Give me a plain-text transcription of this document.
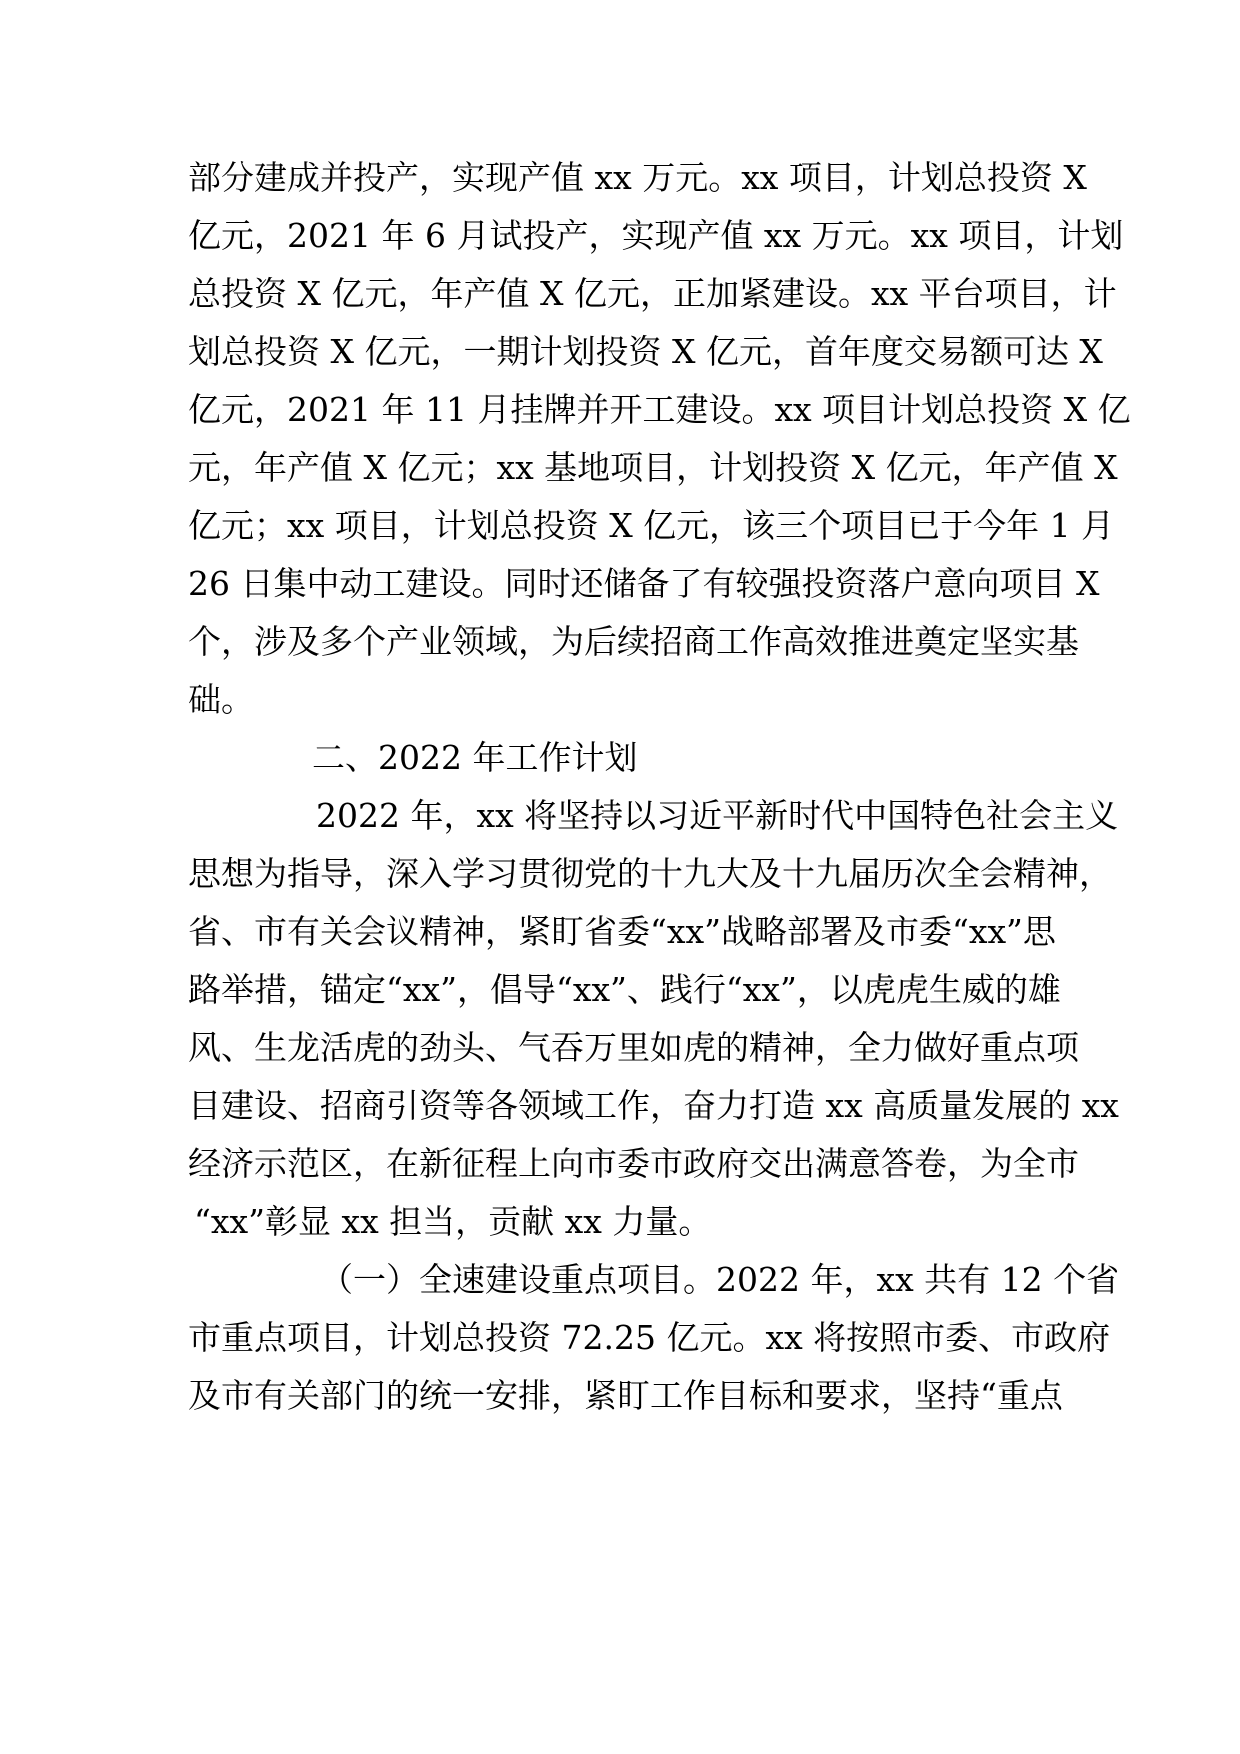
部分建成并投产，实现产值 xx 万元。xx 项目，计划总投资 X
亿元，2021 年 6 月试投产，实现产值 xx 万元。xx 项目，计划
总投资 X 亿元，年产值 X 亿元，正加紧建设。xx 平台项目，计
划总投资 X 亿元，一期计划投资 X 亿元，首年度交易额可达 X
亿元，2021 年 11 月挂牌并开工建设。xx 项目计划总投资 X 亿
元，年产值 X 亿元；xx 基地项目，计划投资 X 亿元，年产值 X
亿元；xx 项目，计划总投资 X 亿元，该三个项目已于今年 1 月
26 日集中动工建设。同时还储备了有较强投资落户意向项目 X
个，涉及多个产业领域，为后续招商工作高效推进奠定坚实基
础。
二、2022 年工作计划
2022 年，xx 将坚持以习近平新时代中国特色社会主义
思想为指导，深入学习贯彻党的十九大及十九届历次全会精神，
省、市有关会议精神，紧盯省委“xx”战略部署及市委“xx”思
路举措，锚定“xx”，倡导“xx”、践行“xx”，以虎虎生威的雄
风、生龙活虎的劲头、气吞万里如虎的精神，全力做好重点项
目建设、招商引资等各领域工作，奋力打造 xx 高质量发展的 xx
经济示范区，在新征程上向市委市政府交出满意答卷，为全市
“xx”彰显 xx 担当，贡献 xx 力量。
（一）全速建设重点项目。2022 年，xx 共有 12 个省
市重点项目，计划总投资 72.25 亿元。xx 将按照市委、市政府
及市有关部门的统一安排，紧盯工作目标和要求，坚持“重点
